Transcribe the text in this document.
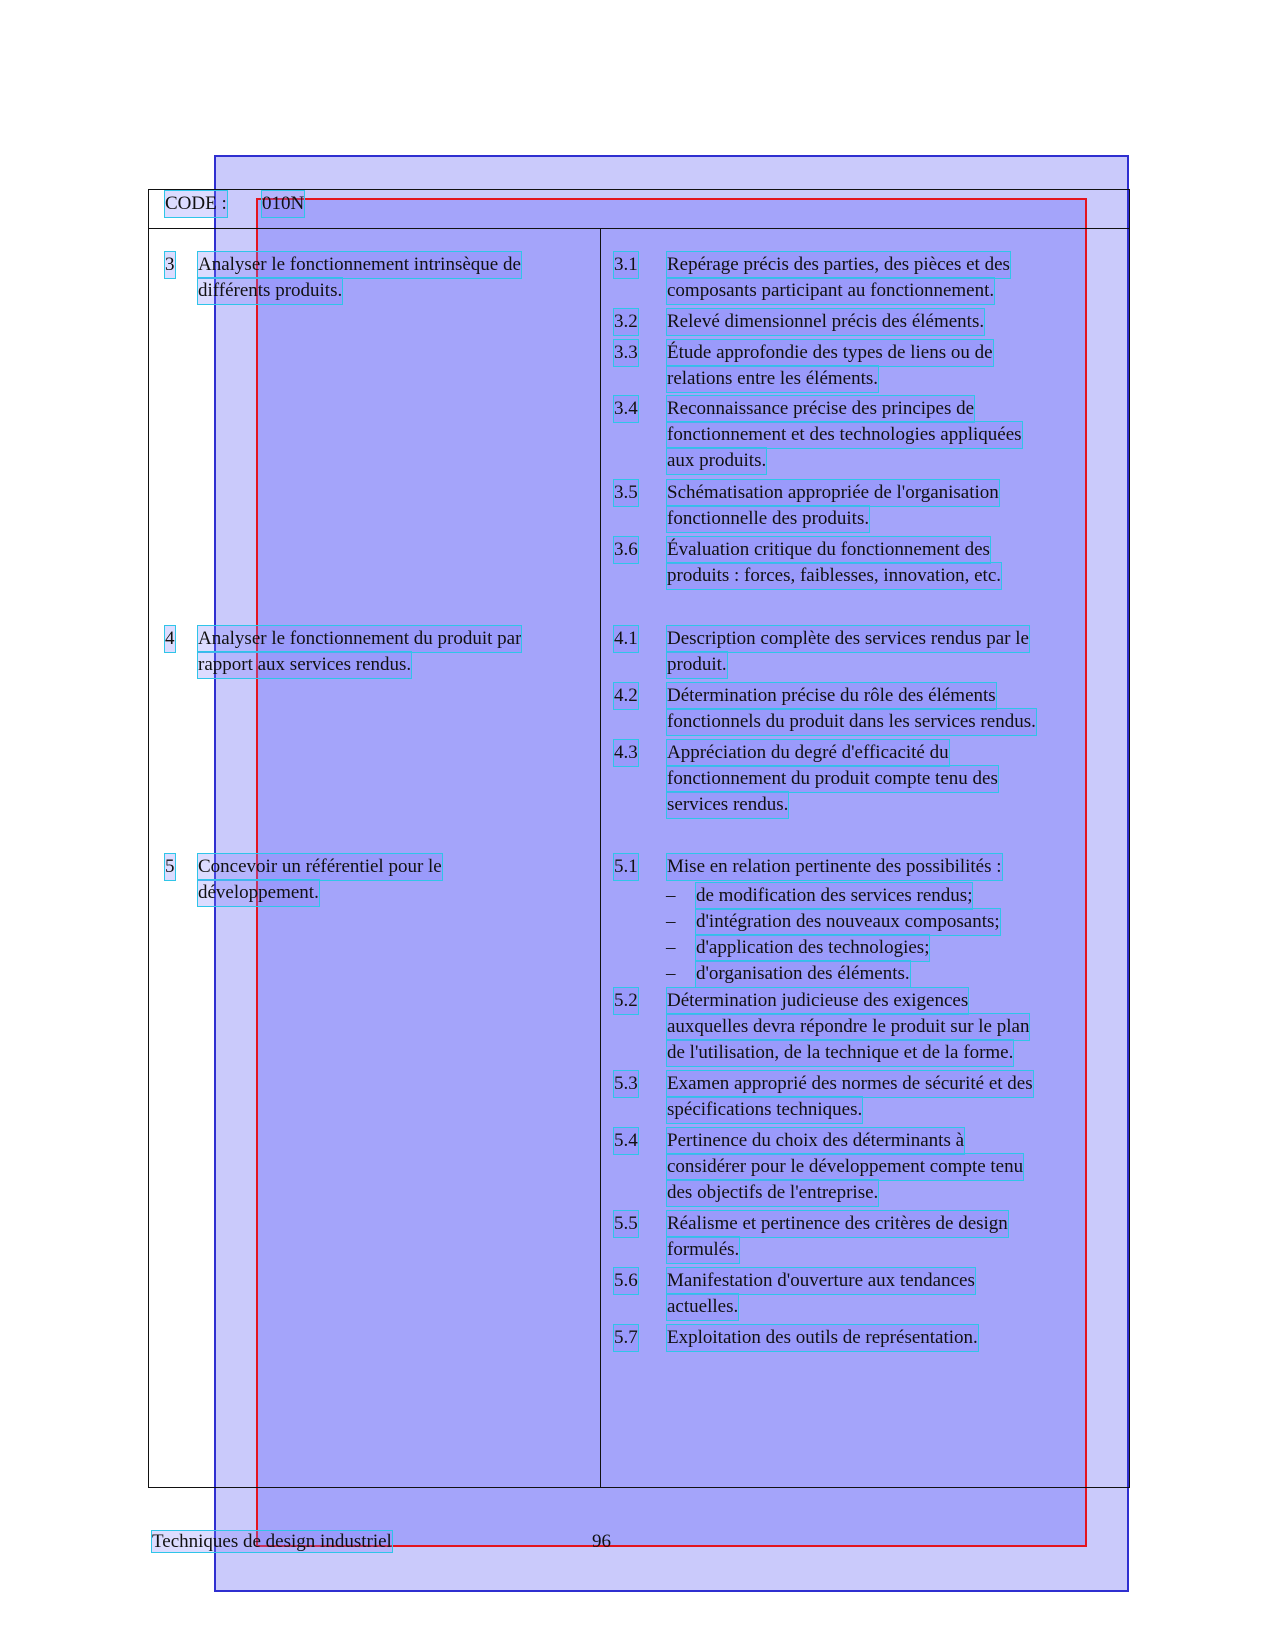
CODE : 010N
3 Analyser le fonctionnement intrinsèque de
différents produits.
4 Analyser le fonctionnement du produit par
rapport aux services rendus.
5 Concevoir un référentiel pour le
développement.
3.1 Repérage précis des parties, des pièces et des
composants participant au fonctionnement.
3.2 Relevé dimensionnel précis des éléments.
3.3 Étude approfondie des types de liens ou de
relations entre les éléments.
3.4 Reconnaissance précise des principes de
fonctionnement et des technologies appliquées
aux produits.
3.5 Schématisation appropriée de l'organisation
fonctionnelle des produits.
3.6 Évaluation critique du fonctionnement des
produits : forces, faiblesses, innovation, etc.
4.1 Description complète des services rendus par le
produit.
4.2 Détermination précise du rôle des éléments
fonctionnels du produit dans les services rendus.
4.3 Appréciation du degré d'efficacité du
fonctionnement du produit compte tenu des
services rendus.
5.1 Mise en relation pertinente des possibilités :
– de modification des services rendus;
– d'intégration des nouveaux composants;
– d'application des technologies;
– d'organisation des éléments.
5.2 Détermination judicieuse des exigences
auxquelles devra répondre le produit sur le plan
de l'utilisation, de la technique et de la forme.
5.3 Examen approprié des normes de sécurité et des
spécifications techniques.
5.4 Pertinence du choix des déterminants à
considérer pour le développement compte tenu
des objectifs de l'entreprise.
5.5 Réalisme et pertinence des critères de design
formulés.
5.6 Manifestation d'ouverture aux tendances
actuelles.
5.7 Exploitation des outils de représentation.
Techniques de design industriel	96
